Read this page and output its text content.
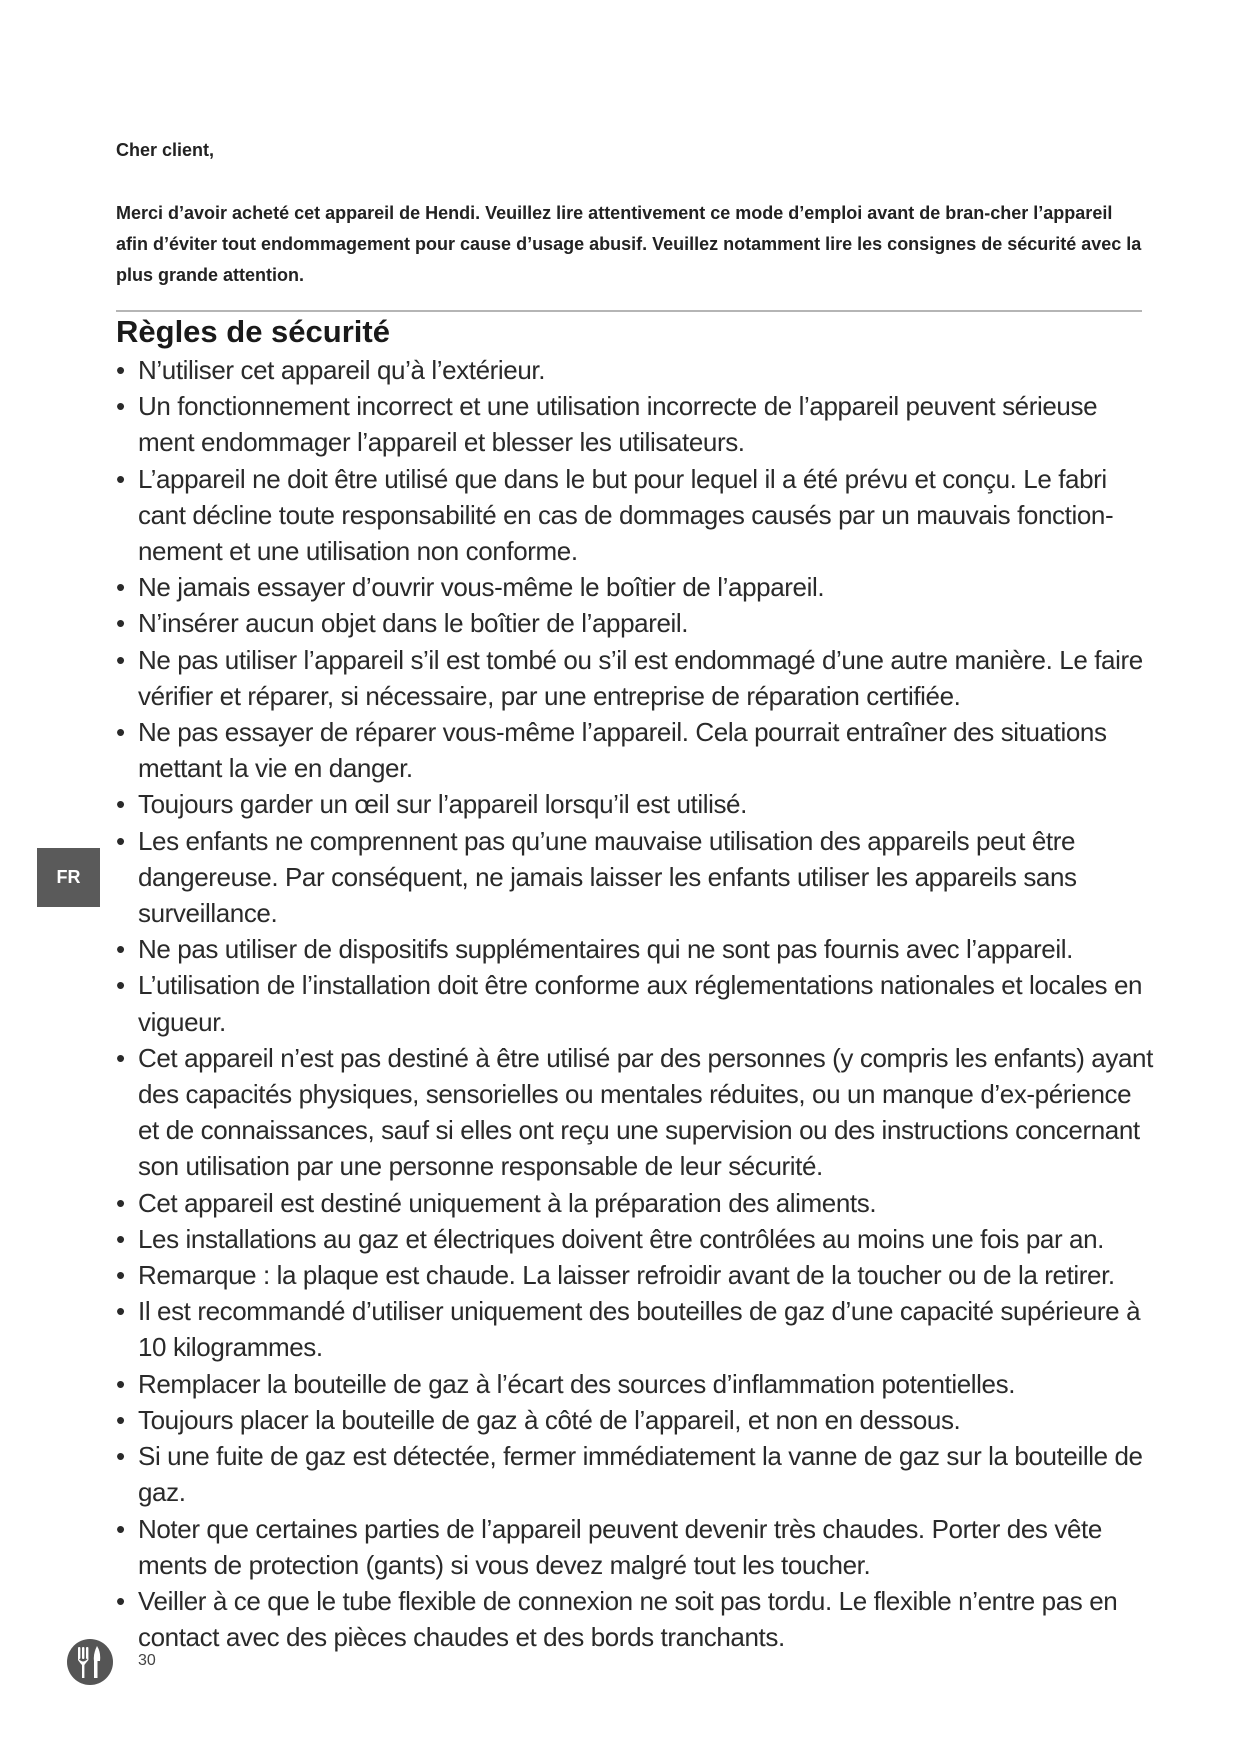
Cher client,

Merci d’avoir acheté cet appareil de Hendi. Veuillez lire attentivement ce mode d’emploi avant de bran-cher l’appareil afin d’éviter tout endommagement pour cause d’usage abusif. Veuillez notamment lire les consignes de sécurité avec la plus grande attention.

Règles de sécurité
• N’utiliser cet appareil qu’à l’extérieur.
• Un fonctionnement incorrect et une utilisation incorrecte de l’appareil peuvent sérieuse ment endommager l’appareil et blesser les utilisateurs.
• L’appareil ne doit être utilisé que dans le but pour lequel il a été prévu et conçu. Le fabri cant décline toute responsabilité en cas de dommages causés par un mauvais fonction-nement et une utilisation non conforme.
• Ne jamais essayer d’ouvrir vous-même le boîtier de l’appareil.
• N’insérer aucun objet dans le boîtier de l’appareil.
• Ne pas utiliser l’appareil s’il est tombé ou s’il est endommagé d’une autre manière. Le faire vérifier et réparer, si nécessaire, par une entreprise de réparation certifiée.
• Ne pas essayer de réparer vous-même l’appareil. Cela pourrait entraîner des situations mettant la vie en danger.
• Toujours garder un œil sur l’appareil lorsqu’il est utilisé.
• Les enfants ne comprennent pas qu’une mauvaise utilisation des appareils peut être dangereuse. Par conséquent, ne jamais laisser les enfants utiliser les appareils sans surveillance.
• Ne pas utiliser de dispositifs supplémentaires qui ne sont pas fournis avec l’appareil.
• L’utilisation de l’installation doit être conforme aux réglementations nationales et locales en vigueur.
• Cet appareil n’est pas destiné à être utilisé par des personnes (y compris les enfants) ayant des capacités physiques, sensorielles ou mentales réduites, ou un manque d’ex-périence et de connaissances, sauf si elles ont reçu une supervision ou des instructions concernant son utilisation par une personne responsable de leur sécurité.
• Cet appareil est destiné uniquement à la préparation des aliments.
• Les installations au gaz et électriques doivent être contrôlées au moins une fois par an.
• Remarque : la plaque est chaude. La laisser refroidir avant de la toucher ou de la retirer.
• Il est recommandé d’utiliser uniquement des bouteilles de gaz d’une capacité supérieure à 10 kilogrammes.
• Remplacer la bouteille de gaz à l’écart des sources d’inflammation potentielles.
• Toujours placer la bouteille de gaz à côté de l’appareil, et non en dessous.
• Si une fuite de gaz est détectée, fermer immédiatement la vanne de gaz sur la bouteille de gaz.
• Noter que certaines parties de l’appareil peuvent devenir très chaudes. Porter des vête ments de protection (gants) si vous devez malgré tout les toucher.
• Veiller à ce que le tube flexible de connexion ne soit pas tordu. Le flexible n’entre pas en contact avec des pièces chaudes et des bords tranchants.
FR
30
